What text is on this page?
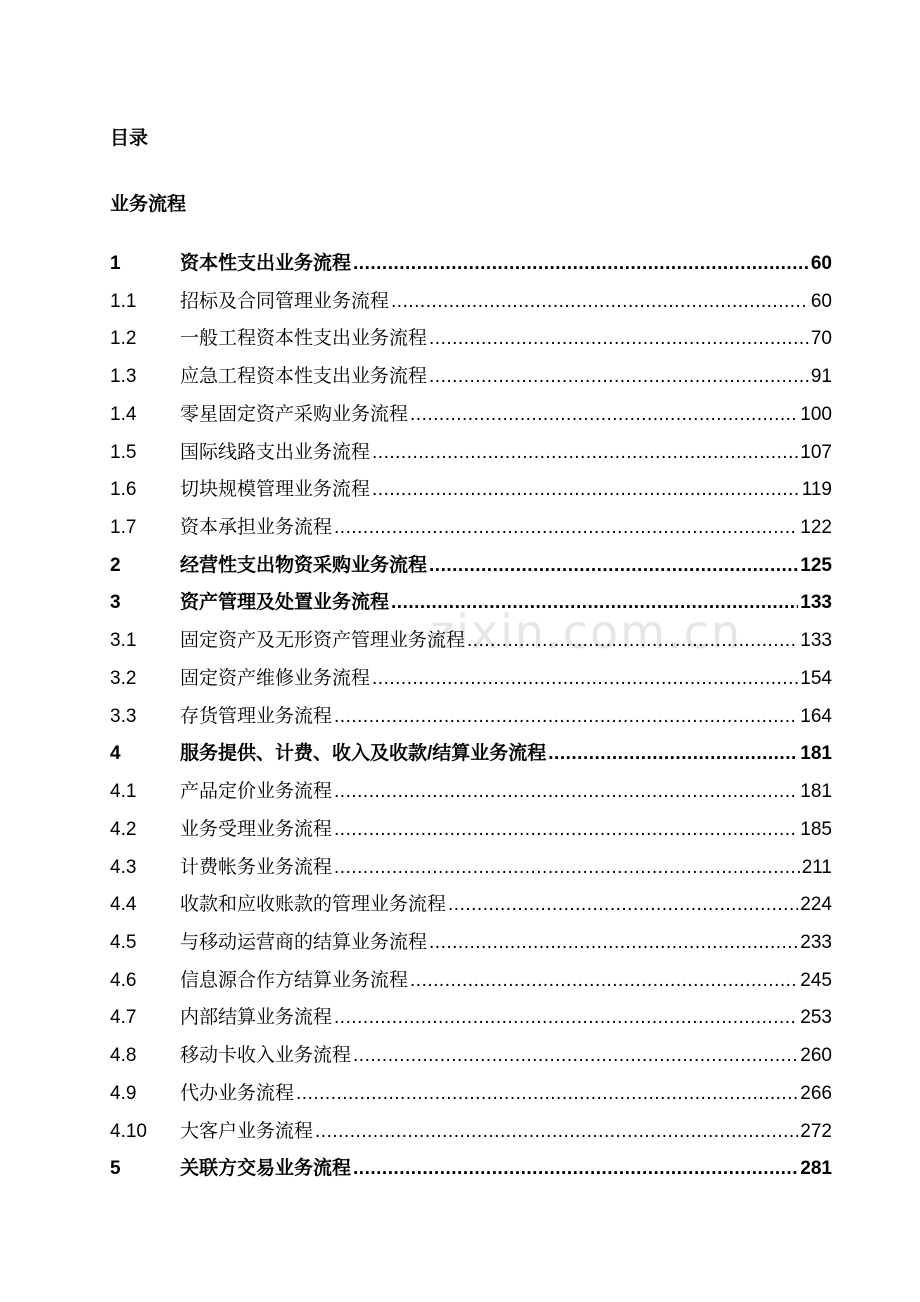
zixin.com.cn
目录
业务流程
1	资本性支出业务流程 .....	60
1.1	招标及合同管理业务流程 .....	60
1.2	一般工程资本性支出业务流程 .....	70
1.3	应急工程资本性支出业务流程 .....	91
1.4	零星固定资产采购业务流程 .....	100
1.5	国际线路支出业务流程 .....	107
1.6	切块规模管理业务流程 .....	119
1.7	资本承担业务流程 .....	122
2	经营性支出物资采购业务流程 .....	125
3	资产管理及处置业务流程 .....	133
3.1	固定资产及无形资产管理业务流程 .....	133
3.2	固定资产维修业务流程 .....	154
3.3	存货管理业务流程 .....	164
4	服务提供、计费、收入及收款/结算业务流程 .....	181
4.1	产品定价业务流程 .....	181
4.2	业务受理业务流程 .....	185
4.3	计费帐务业务流程 .....	211
4.4	收款和应收账款的管理业务流程 .....	224
4.5	与移动运营商的结算业务流程 .....	233
4.6	信息源合作方结算业务流程 .....	245
4.7	内部结算业务流程 .....	253
4.8	移动卡收入业务流程 .....	260
4.9	代办业务流程 .....	266
4.10	大客户业务流程 .....	272
5	关联方交易业务流程 .....	281
